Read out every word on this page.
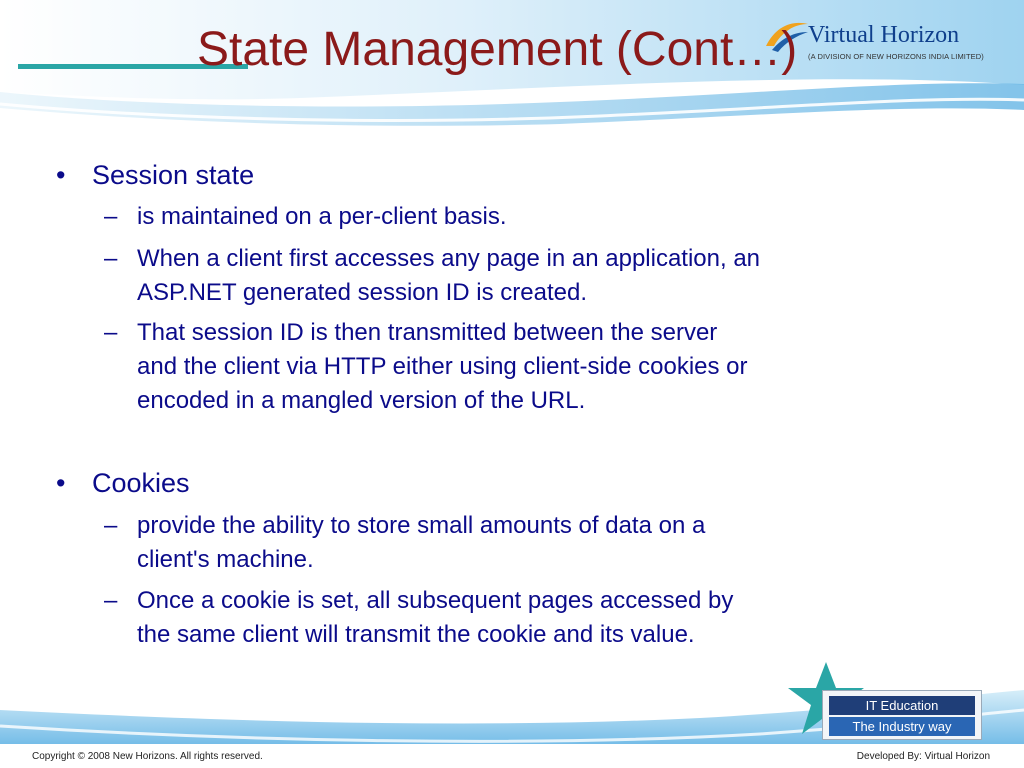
Virtual Horizon
(A DIVISION OF NEW HORIZONS INDIA LIMITED)
State Management (Cont…)
• Session state
– is maintained on a per-client basis.
– When a client first accesses any page in an application, an
ASP.NET generated session ID is created.
– That session ID is then transmitted between the server
and the client via HTTP either using client-side cookies or
encoded in a mangled version of the URL.
• Cookies
– provide the ability to store small amounts of data on a
client's machine.
– Once a cookie is set, all subsequent pages accessed by
the same client will transmit the cookie and its value.
IT Education
The Industry way
Copyright © 2008 New Horizons. All rights reserved.	Developed By: Virtual Horizon
